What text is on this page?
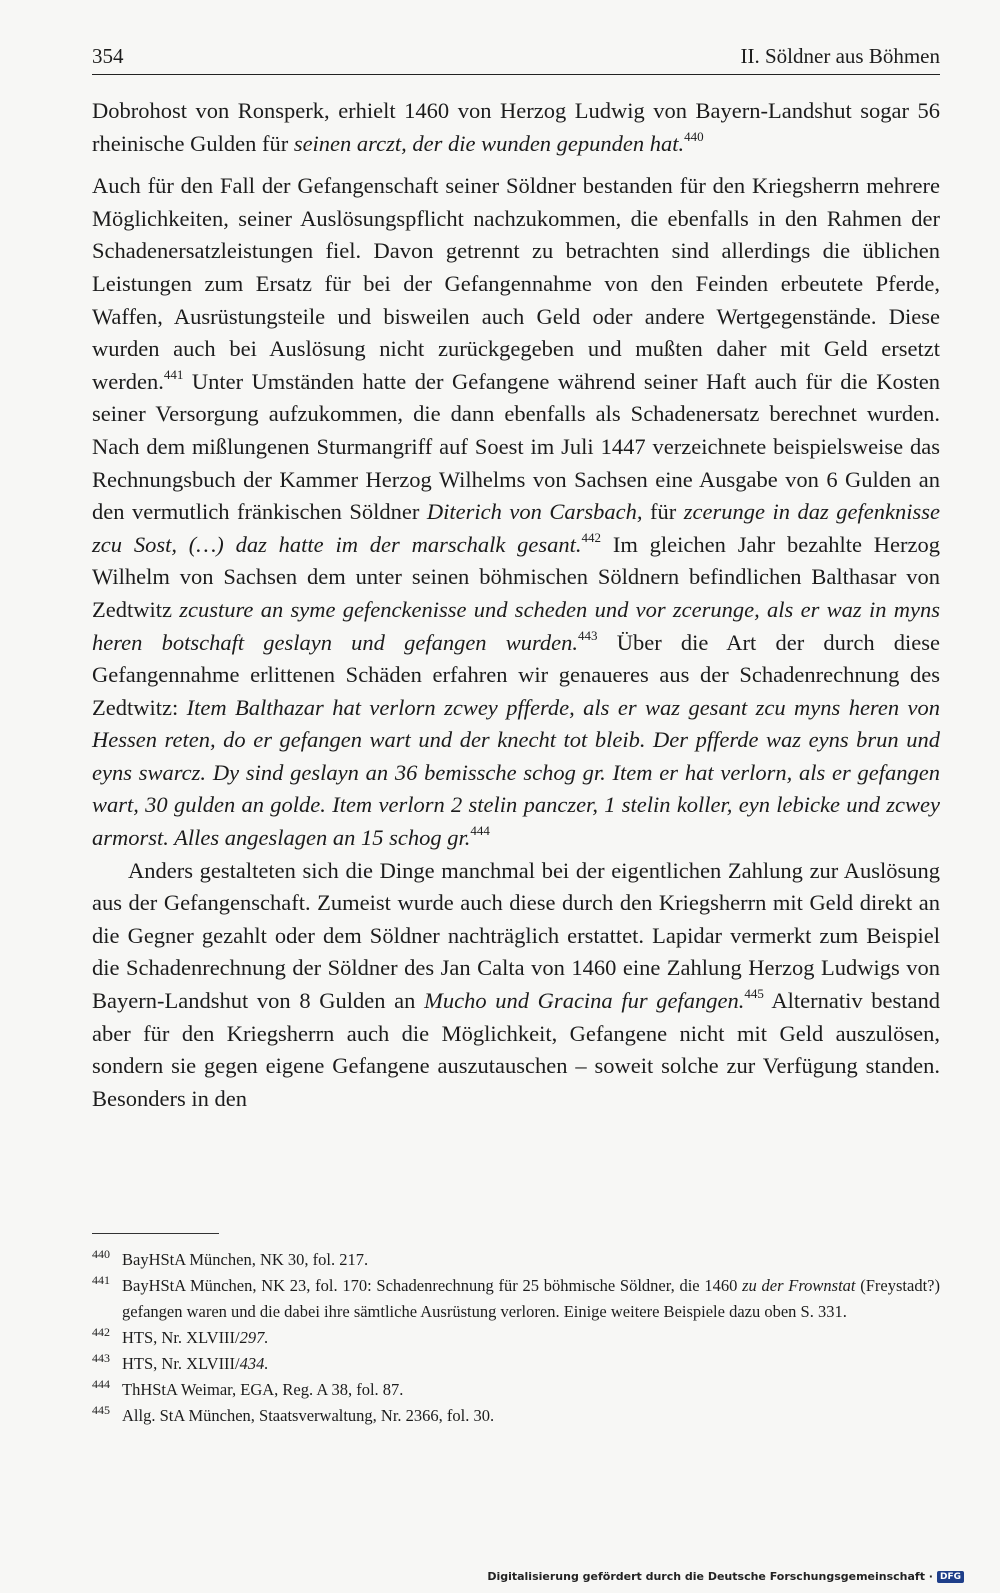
354	II. Söldner aus Böhmen

Dobrohost von Ronsperk, erhielt 1460 von Herzog Ludwig von Bayern-Landshut sogar 56 rheinische Gulden für seinen arczt, der die wunden gepunden hat.$^{440}$

Auch für den Fall der Gefangenschaft seiner Söldner bestanden für den Kriegsherrn mehrere Möglichkeiten, seiner Auslösungspflicht nachzukommen, die ebenfalls in den Rahmen der Schadenersatzleistungen fiel. Davon getrennt zu betrachten sind allerdings die üblichen Leistungen zum Ersatz für bei der Gefangennahme von den Feinden erbeutete Pferde, Waffen, Ausrüstungsteile und bisweilen auch Geld oder andere Wertgegenstände. Diese wurden auch bei Auslösung nicht zurückgegeben und mußten daher mit Geld ersetzt werden.$^{441}$ Unter Umständen hatte der Gefangene während seiner Haft auch für die Kosten seiner Versorgung aufzukommen, die dann ebenfalls als Schadenersatz berechnet wurden. Nach dem mißlungenen Sturmangriff auf Soest im Juli 1447 verzeichnete beispielsweise das Rechnungsbuch der Kammer Herzog Wilhelms von Sachsen eine Ausgabe von 6 Gulden an den vermutlich fränkischen Söldner Diterich von Carsbach, für zcerunge in daz gefenknisse zcu Sost, (…) daz hatte im der marschalk gesant.$^{442}$ Im gleichen Jahr bezahlte Herzog Wilhelm von Sachsen dem unter seinen böhmischen Söldnern befindlichen Balthasar von Zedtwitz zcusture an syme gefenckenisse und scheden und vor zcerunge, als er waz in myns heren botschaft geslayn und gefangen wurden.$^{443}$ Über die Art der durch diese Gefangennahme erlittenen Schäden erfahren wir genaueres aus der Schadenrechnung des Zedtwitz: Item Balthazar hat verlorn zcwey pfferde, als er waz gesant zcu myns heren von Hessen reten, do er gefangen wart und der knecht tot bleib. Der pfferde waz eyns brun und eyns swarcz. Dy sind geslayn an 36 bemissche schog gr. Item er hat verlorn, als er gefangen wart, 30 gulden an golde. Item verlorn 2 stelin panczer, 1 stelin koller, eyn lebicke und zcwey armorst. Alles angeslagen an 15 schog gr.$^{444}$

Anders gestalteten sich die Dinge manchmal bei der eigentlichen Zahlung zur Auslösung aus der Gefangenschaft. Zumeist wurde auch diese durch den Kriegsherrn mit Geld direkt an die Gegner gezahlt oder dem Söldner nachträglich erstattet. Lapidar vermerkt zum Beispiel die Schadenrechnung der Söldner des Jan Calta von 1460 eine Zahlung Herzog Ludwigs von Bayern-Landshut von 8 Gulden an Mucho und Gracina fur gefangen.$^{445}$ Alternativ bestand aber für den Kriegsherrn auch die Möglichkeit, Gefangene nicht mit Geld auszulösen, sondern sie gegen eigene Gefangene auszutauschen – soweit solche zur Verfügung standen. Besonders in den

440 BayHStA München, NK 30, fol. 217.
441 BayHStA München, NK 23, fol. 170: Schadenrechnung für 25 böhmische Söldner, die 1460 zu der Frownstat (Freystadt?) gefangen waren und die dabei ihre sämtliche Ausrüstung verloren. Einige weitere Beispiele dazu oben S. 331.
442 HTS, Nr. XLVIII/297.
443 HTS, Nr. XLVIII/434.
444 ThHStA Weimar, EGA, Reg. A 38, fol. 87.
445 Allg. StA München, Staatsverwaltung, Nr. 2366, fol. 30.
Digitalisierung gefördert durch die Deutsche Forschungsgemeinschaft · DFG
